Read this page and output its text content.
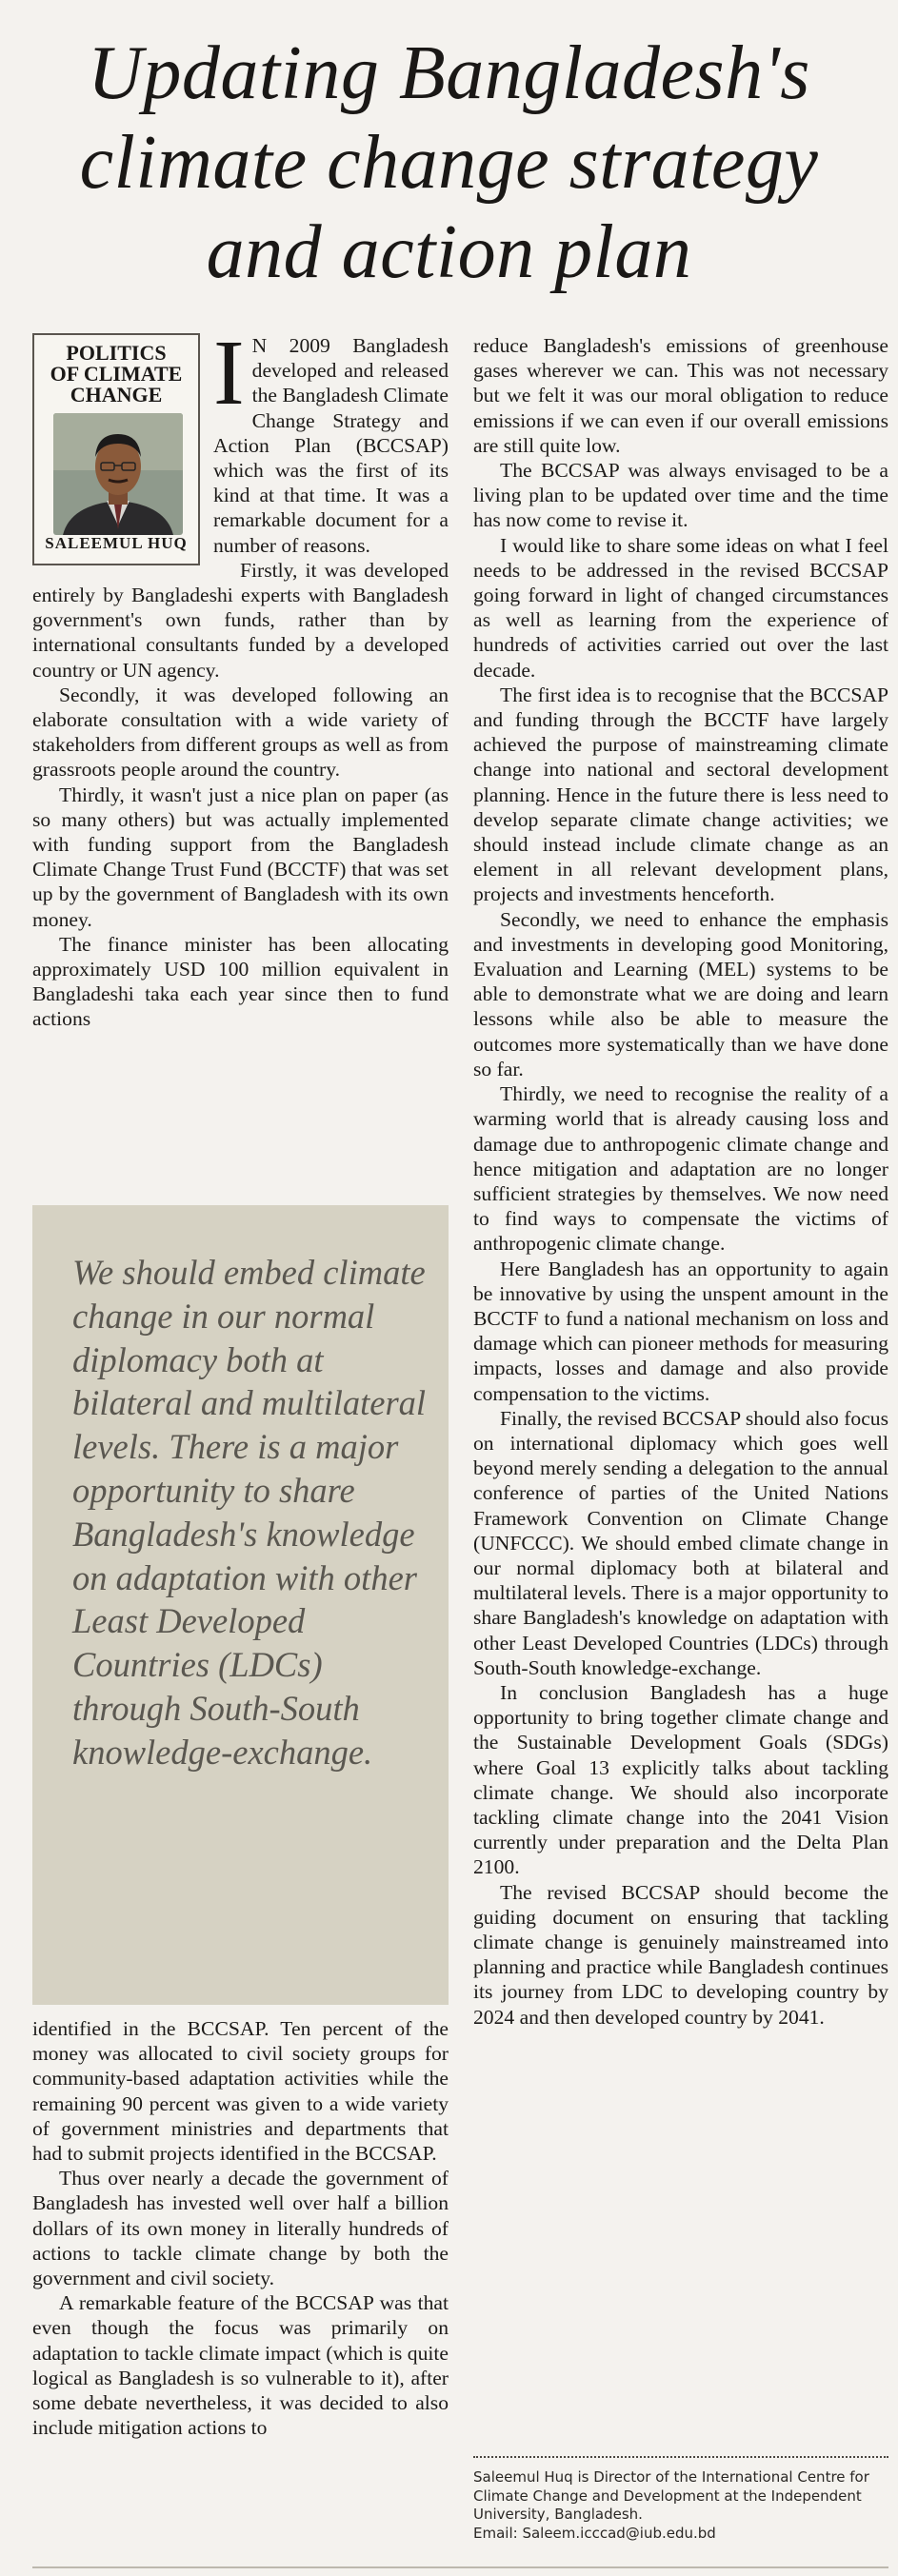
Updating Bangladesh's
climate change strategy
and action plan
POLITICS
OF CLIMATE
CHANGE
SALEEMUL HUQ
I N 2009 Bangladesh developed and released the Bangladesh Climate Change Strategy and Action Plan (BCCSAP) which was the first of its kind at that time. It was a remarkable document for a number of reasons.

Firstly, it was developed entirely by Bangladeshi experts with Bangladesh government's own funds, rather than by international consultants funded by a developed country or UN agency.

Secondly, it was developed following an elaborate consultation with a wide variety of stakeholders from different groups as well as from grassroots people around the country.

Thirdly, it wasn't just a nice plan on paper (as so many others) but was actually implemented with funding support from the Bangladesh Climate Change Trust Fund (BCCTF) that was set up by the government of Bangladesh with its own money.

The finance minister has been allocating approximately USD 100 million equivalent in Bangladeshi taka each year since then to fund actions

We should embed climate change in our normal diplomacy both at bilateral and multilateral levels. There is a major opportunity to share Bangladesh's knowledge on adaptation with other Least Developed Countries (LDCs) through South-South knowledge-exchange.

identified in the BCCSAP. Ten percent of the money was allocated to civil society groups for community-based adaptation activities while the remaining 90 percent was given to a wide variety of government ministries and departments that had to submit projects identified in the BCCSAP.

Thus over nearly a decade the government of Bangladesh has invested well over half a billion dollars of its own money in literally hundreds of actions to tackle climate change by both the government and civil society.

A remarkable feature of the BCCSAP was that even though the focus was primarily on adaptation to tackle climate impact (which is quite logical as Bangladesh is so vulnerable to it), after some debate nevertheless, it was decided to also include mitigation actions to

reduce Bangladesh's emissions of greenhouse gases wherever we can. This was not necessary but we felt it was our moral obligation to reduce emissions if we can even if our overall emissions are still quite low.

The BCCSAP was always envisaged to be a living plan to be updated over time and the time has now come to revise it.

I would like to share some ideas on what I feel needs to be addressed in the revised BCCSAP going forward in light of changed circumstances as well as learning from the experience of hundreds of activities carried out over the last decade.

The first idea is to recognise that the BCCSAP and funding through the BCCTF have largely achieved the purpose of mainstreaming climate change into national and sectoral development planning. Hence in the future there is less need to develop separate climate change activities; we should instead include climate change as an element in all relevant development plans, projects and investments henceforth.

Secondly, we need to enhance the emphasis and investments in developing good Monitoring, Evaluation and Learning (MEL) systems to be able to demonstrate what we are doing and learn lessons while also be able to measure the outcomes more systematically than we have done so far.

Thirdly, we need to recognise the reality of a warming world that is already causing loss and damage due to anthropogenic climate change and hence mitigation and adaptation are no longer sufficient strategies by themselves. We now need to find ways to compensate the victims of anthropogenic climate change.

Here Bangladesh has an opportunity to again be innovative by using the unspent amount in the BCCTF to fund a national mechanism on loss and damage which can pioneer methods for measuring impacts, losses and damage and also provide compensation to the victims.

Finally, the revised BCCSAP should also focus on international diplomacy which goes well beyond merely sending a delegation to the annual conference of parties of the United Nations Framework Convention on Climate Change (UNFCCC). We should embed climate change in our normal diplomacy both at bilateral and multilateral levels. There is a major opportunity to share Bangladesh's knowledge on adaptation with other Least Developed Countries (LDCs) through South-South knowledge-exchange.

In conclusion Bangladesh has a huge opportunity to bring together climate change and the Sustainable Development Goals (SDGs) where Goal 13 explicitly talks about tackling climate change. We should also incorporate tackling climate change into the 2041 Vision currently under preparation and the Delta Plan 2100.

The revised BCCSAP should become the guiding document on ensuring that tackling climate change is genuinely mainstreamed into planning and practice while Bangladesh continues its journey from LDC to developing country by 2024 and then developed country by 2041.

Saleemul Huq is Director of the International Centre for Climate Change and Development at the Independent University, Bangladesh.
Email: Saleem.icccad@iub.edu.bd
